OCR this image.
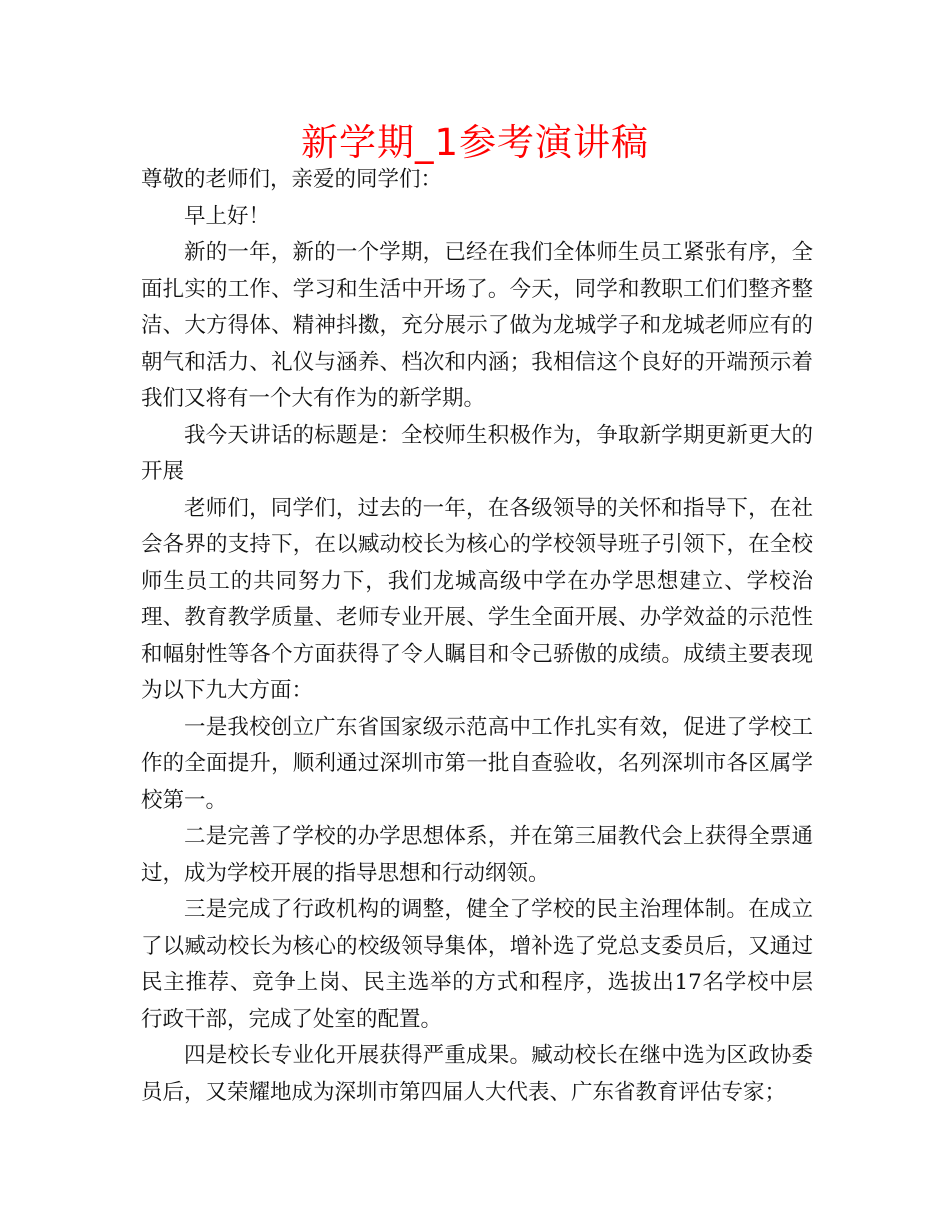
新学期_1参考演讲稿

尊敬的老师们，亲爱的同学们：

早上好！

新的一年，新的一个学期，已经在我们全体师生员工紧张有序，全面扎实的工作、学习和生活中开场了。今天，同学和教职工们们整齐整洁、大方得体、精神抖擞，充分展示了做为龙城学子和龙城老师应有的朝气和活力、礼仪与涵养、档次和内涵；我相信这个良好的开端预示着我们又将有一个大有作为的新学期。

我今天讲话的标题是：全校师生积极作为，争取新学期更新更大的开展

老师们，同学们，过去的一年，在各级领导的关怀和指导下，在社会各界的支持下，在以臧动校长为核心的学校领导班子引领下，在全校师生员工的共同努力下，我们龙城高级中学在办学思想建立、学校治理、教育教学质量、老师专业开展、学生全面开展、办学效益的示范性和幅射性等各个方面获得了令人瞩目和令己骄傲的成绩。成绩主要表现为以下九大方面：

一是我校创立广东省国家级示范高中工作扎实有效，促进了学校工作的全面提升，顺利通过深圳市第一批自查验收，名列深圳市各区属学校第一。

二是完善了学校的办学思想体系，并在第三届教代会上获得全票通过，成为学校开展的指导思想和行动纲领。

三是完成了行政机构的调整，健全了学校的民主治理体制。在成立了以臧动校长为核心的校级领导集体，增补选了党总支委员后，又通过民主推荐、竞争上岗、民主选举的方式和程序，选拔出17名学校中层行政干部，完成了处室的配置。

四是校长专业化开展获得严重成果。臧动校长在继中选为区政协委员后，又荣耀地成为深圳市第四届人大代表、广东省教育评估专家；
